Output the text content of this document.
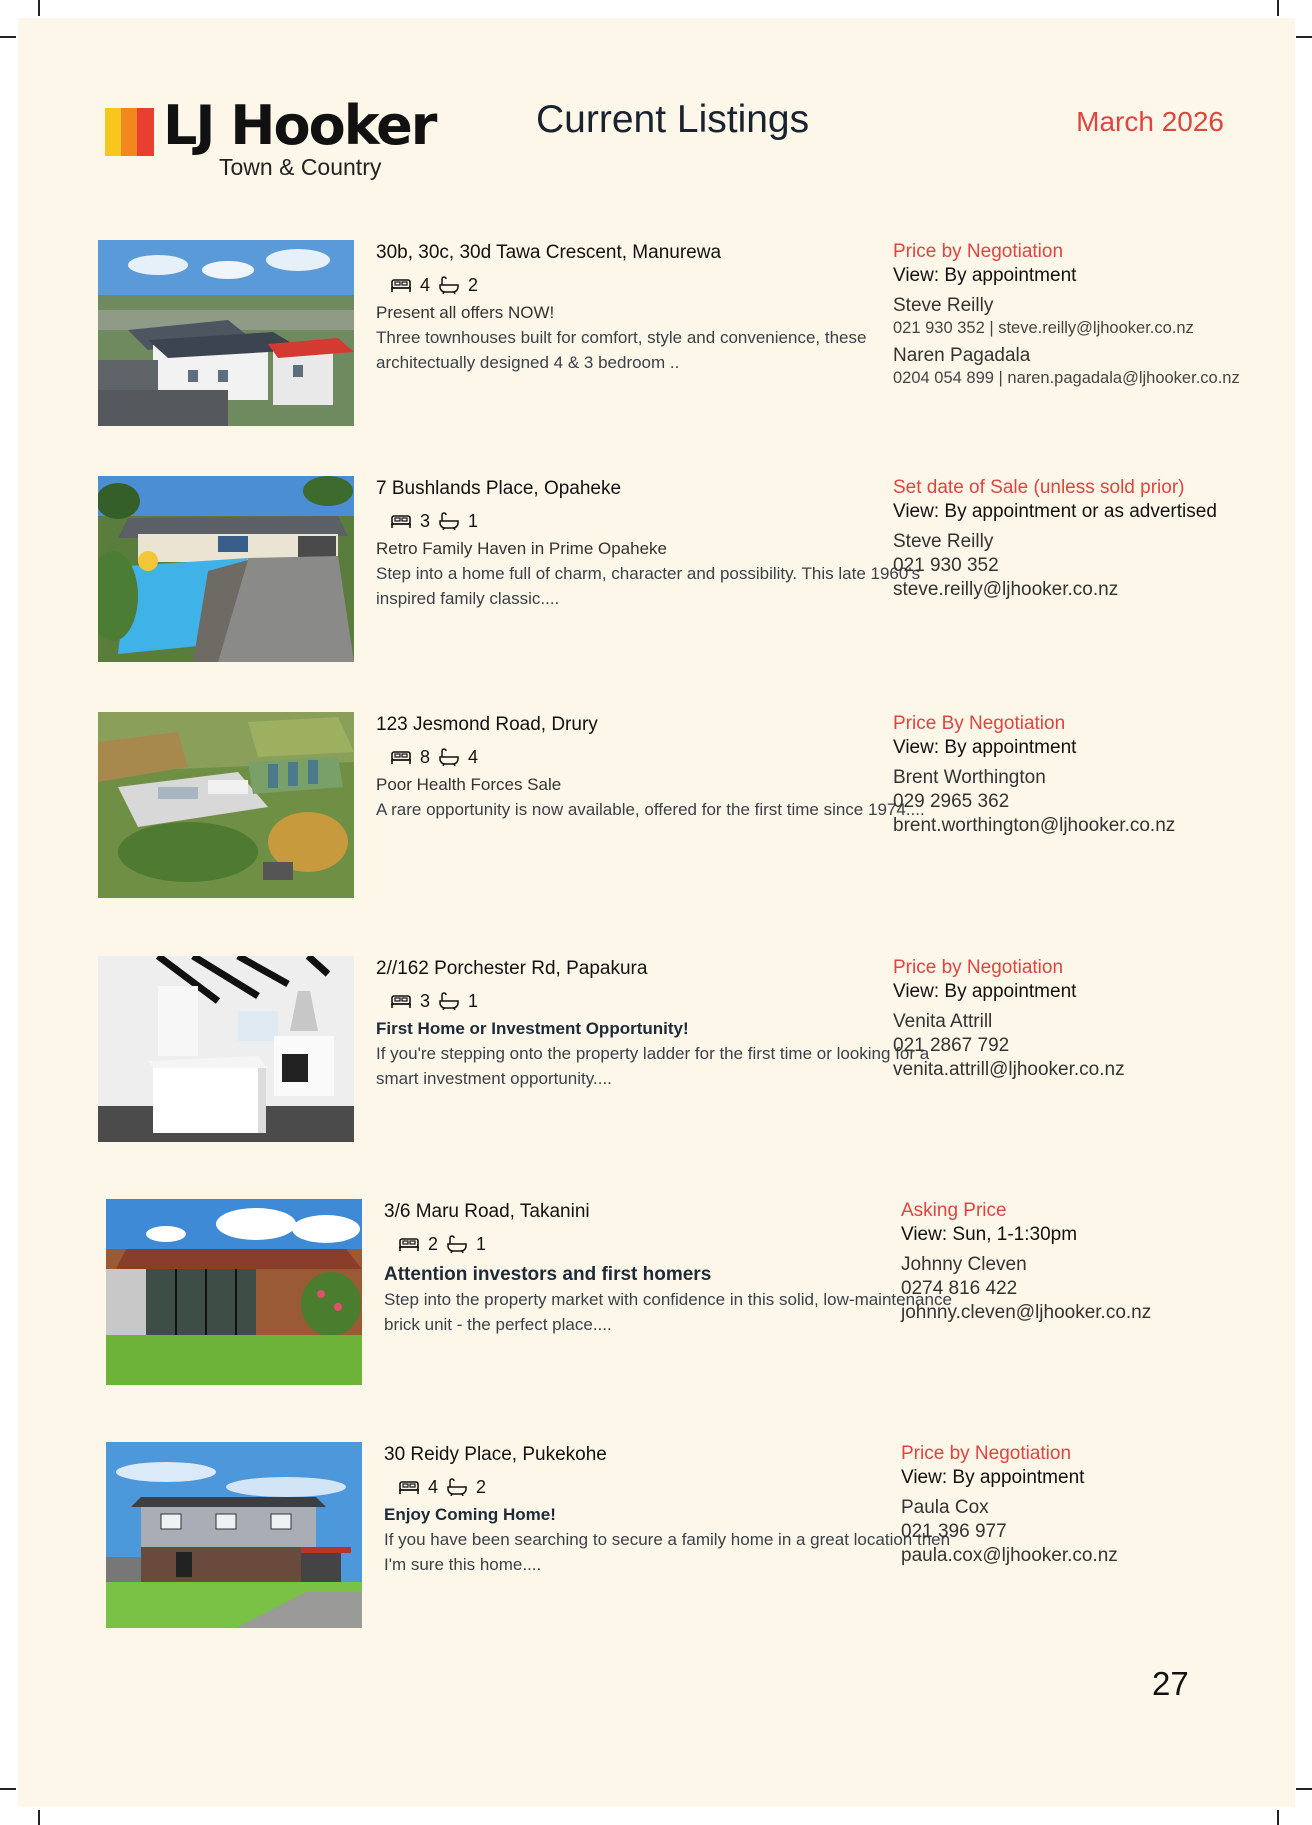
LJ Hooker
Town & Country
Current Listings	March 2026
30b, 30c, 30d Tawa Crescent, Manurewa
4 2
Present all offers NOW!
Three townhouses built for comfort, style and convenience, these architectually designed 4 & 3 bedroom ..
Price by Negotiation
View: By appointment
Steve Reilly
021 930 352 | steve.reilly@ljhooker.co.nz
Naren Pagadala
0204 054 899 | naren.pagadala@ljhooker.co.nz
7 Bushlands Place, Opaheke
3 1
Retro Family Haven in Prime Opaheke
Step into a home full of charm, character and possibility. This late 1960's inspired family classic....
Set date of Sale (unless sold prior)
View: By appointment or as advertised
Steve Reilly
021 930 352
steve.reilly@ljhooker.co.nz
123 Jesmond Road, Drury
8 4
Poor Health Forces Sale
A rare opportunity is now available, offered for the first time since 1974....
Price By Negotiation
View: By appointment
Brent Worthington
029 2965 362
brent.worthington@ljhooker.co.nz
2//162 Porchester Rd, Papakura
3 1
First Home or Investment Opportunity!
If you're stepping onto the property ladder for the first time or looking for a smart investment opportunity....
Price by Negotiation
View: By appointment
Venita Attrill
021 2867 792
venita.attrill@ljhooker.co.nz
3/6 Maru Road, Takanini
2 1
Attention investors and first homers
Step into the property market with confidence in this solid, low-maintenance brick unit - the perfect place....
Asking Price
View: Sun, 1-1:30pm
Johnny Cleven
0274 816 422
johnny.cleven@ljhooker.co.nz
30 Reidy Place, Pukekohe
4 2
Enjoy Coming Home!
If you have been searching to secure a family home in a great location then I'm sure this home....
Price by Negotiation
View: By appointment
Paula Cox
021 396 977
paula.cox@ljhooker.co.nz
27
